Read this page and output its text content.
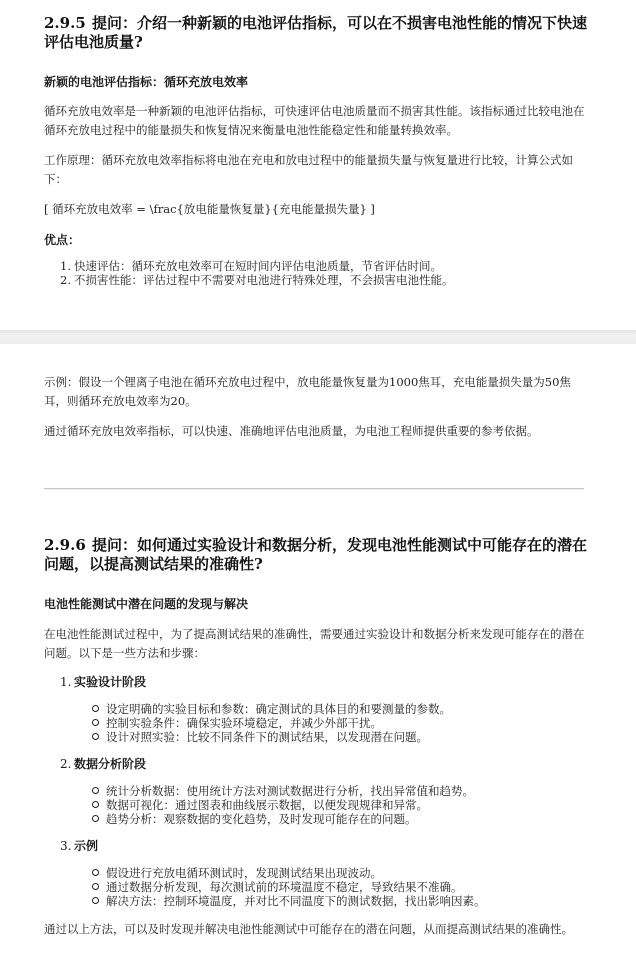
2.9.5 提问：介绍一种新颖的电池评估指标，可以在不损害电池性能的情况下快速评估电池质量?
新颖的电池评估指标：循环充放电效率
循环充放电效率是一种新颖的电池评估指标，可快速评估电池质量而不损害其性能。该指标通过比较电池在循环充放电过程中的能量损失和恢复情况来衡量电池性能稳定性和能量转换效率。
工作原理：循环充放电效率指标将电池在充电和放电过程中的能量损失量与恢复量进行比较，计算公式如下：
[ 循环充放电效率 = \frac{放电能量恢复量}{充电能量损失量} ]
优点：
1. 快速评估：循环充放电效率可在短时间内评估电池质量，节省评估时间。
2. 不损害性能：评估过程中不需要对电池进行特殊处理，不会损害电池性能。
示例：假设一个锂离子电池在循环充放电过程中，放电能量恢复量为1000焦耳，充电能量损失量为50焦耳，则循环充放电效率为20。
通过循环充放电效率指标，可以快速、准确地评估电池质量，为电池工程师提供重要的参考依据。
2.9.6 提问：如何通过实验设计和数据分析，发现电池性能测试中可能存在的潜在问题，以提高测试结果的准确性?
电池性能测试中潜在问题的发现与解决
在电池性能测试过程中，为了提高测试结果的准确性，需要通过实验设计和数据分析来发现可能存在的潜在问题。以下是一些方法和步骤：
1. 实验设计阶段
设定明确的实验目标和参数：确定测试的具体目的和要测量的参数。
控制实验条件：确保实验环境稳定，并减少外部干扰。
设计对照实验：比较不同条件下的测试结果，以发现潜在问题。
2. 数据分析阶段
统计分析数据：使用统计方法对测试数据进行分析，找出异常值和趋势。
数据可视化：通过图表和曲线展示数据，以便发现规律和异常。
趋势分析：观察数据的变化趋势，及时发现可能存在的问题。
3. 示例
假设进行充放电循环测试时，发现测试结果出现波动。
通过数据分析发现，每次测试前的环境温度不稳定，导致结果不准确。
解决方法：控制环境温度，并对比不同温度下的测试数据，找出影响因素。
通过以上方法，可以及时发现并解决电池性能测试中可能存在的潜在问题，从而提高测试结果的准确性。
